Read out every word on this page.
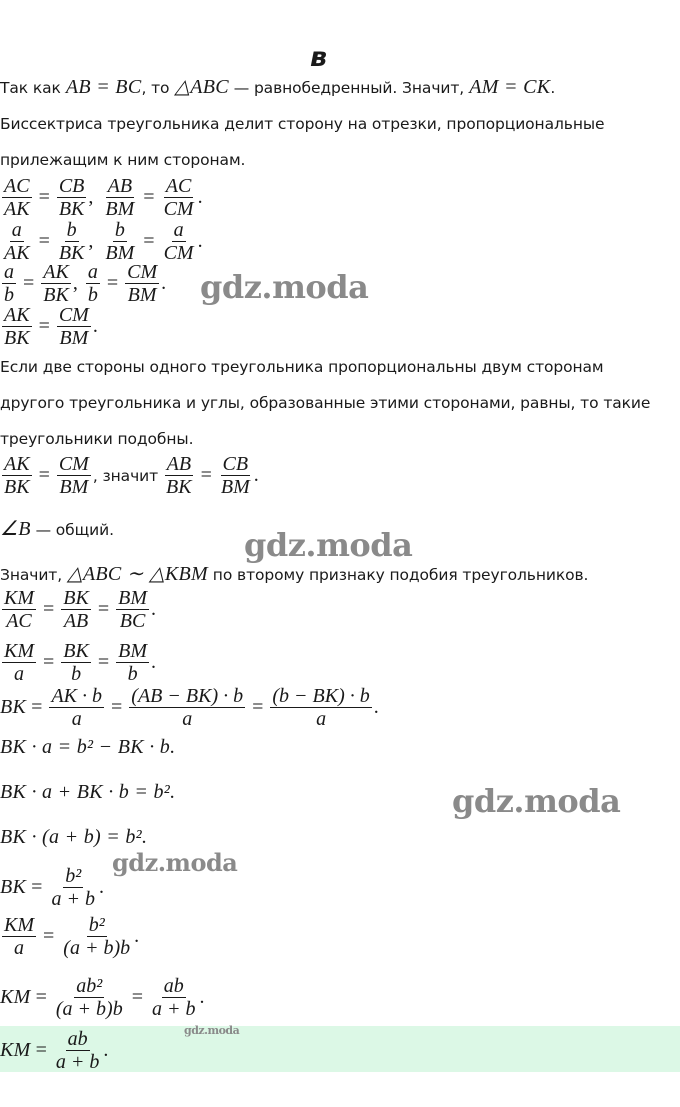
в
Так как AB = BC, то △ABC — равнобедренный. Значит, AM = CK.
Биссектриса треугольника делит сторону на отрезки, пропорциональные
прилежащим к ним сторонам.
$\frac{AC}{AK} = \frac{CB}{BK}$ , $\frac{AB}{BM} = \frac{AC}{CM}$ .
$\frac{a}{AK} = \frac{b}{BK}$ , $\frac{b}{BM} = \frac{a}{CM}$ .
$\frac{a}{b} = \frac{AK}{BK}$ , $\frac{a}{b} = \frac{CM}{BM}$ . gdz.moda
$\frac{AK}{BK} = \frac{CM}{BM}$ .
Если две стороны одного треугольника пропорциональны двум сторонам
другого треугольника и углы, образованные этими сторонами, равны, то такие
треугольники подобны.
$\frac{AK}{BK} = \frac{CM}{BM}$ , значит $\frac{AB}{BK} = \frac{CB}{BM}$ .
∠B — общий.	gdz.moda
Значит, △ABC ∼ △KBM по второму признаку подобия треугольников.
$\frac{KM}{AC} = \frac{BK}{AB} = \frac{BM}{BC}$ .
$\frac{KM}{a} = \frac{BK}{b} = \frac{BM}{b}$ .
BK = $\frac{AK \cdot b}{a} = \frac{(AB - BK) \cdot b}{a} = \frac{(b - BK) \cdot b}{a}$ .
BK · a = b² − BK · b.
BK · a + BK · b = b².	gdz.moda
BK · (a + b) = b².
gdz.moda
BK = $\frac{\text{b²}}{a + b}$ .
$\frac{KM}{a} = \frac{\text{b²}}{(a + b)b}$ .
KM = $\frac{\text{ab²}}{(a + b)b} = \frac{ab}{a + b}$ .
gdz.moda
KM = $\frac{ab}{a + b}$ .
